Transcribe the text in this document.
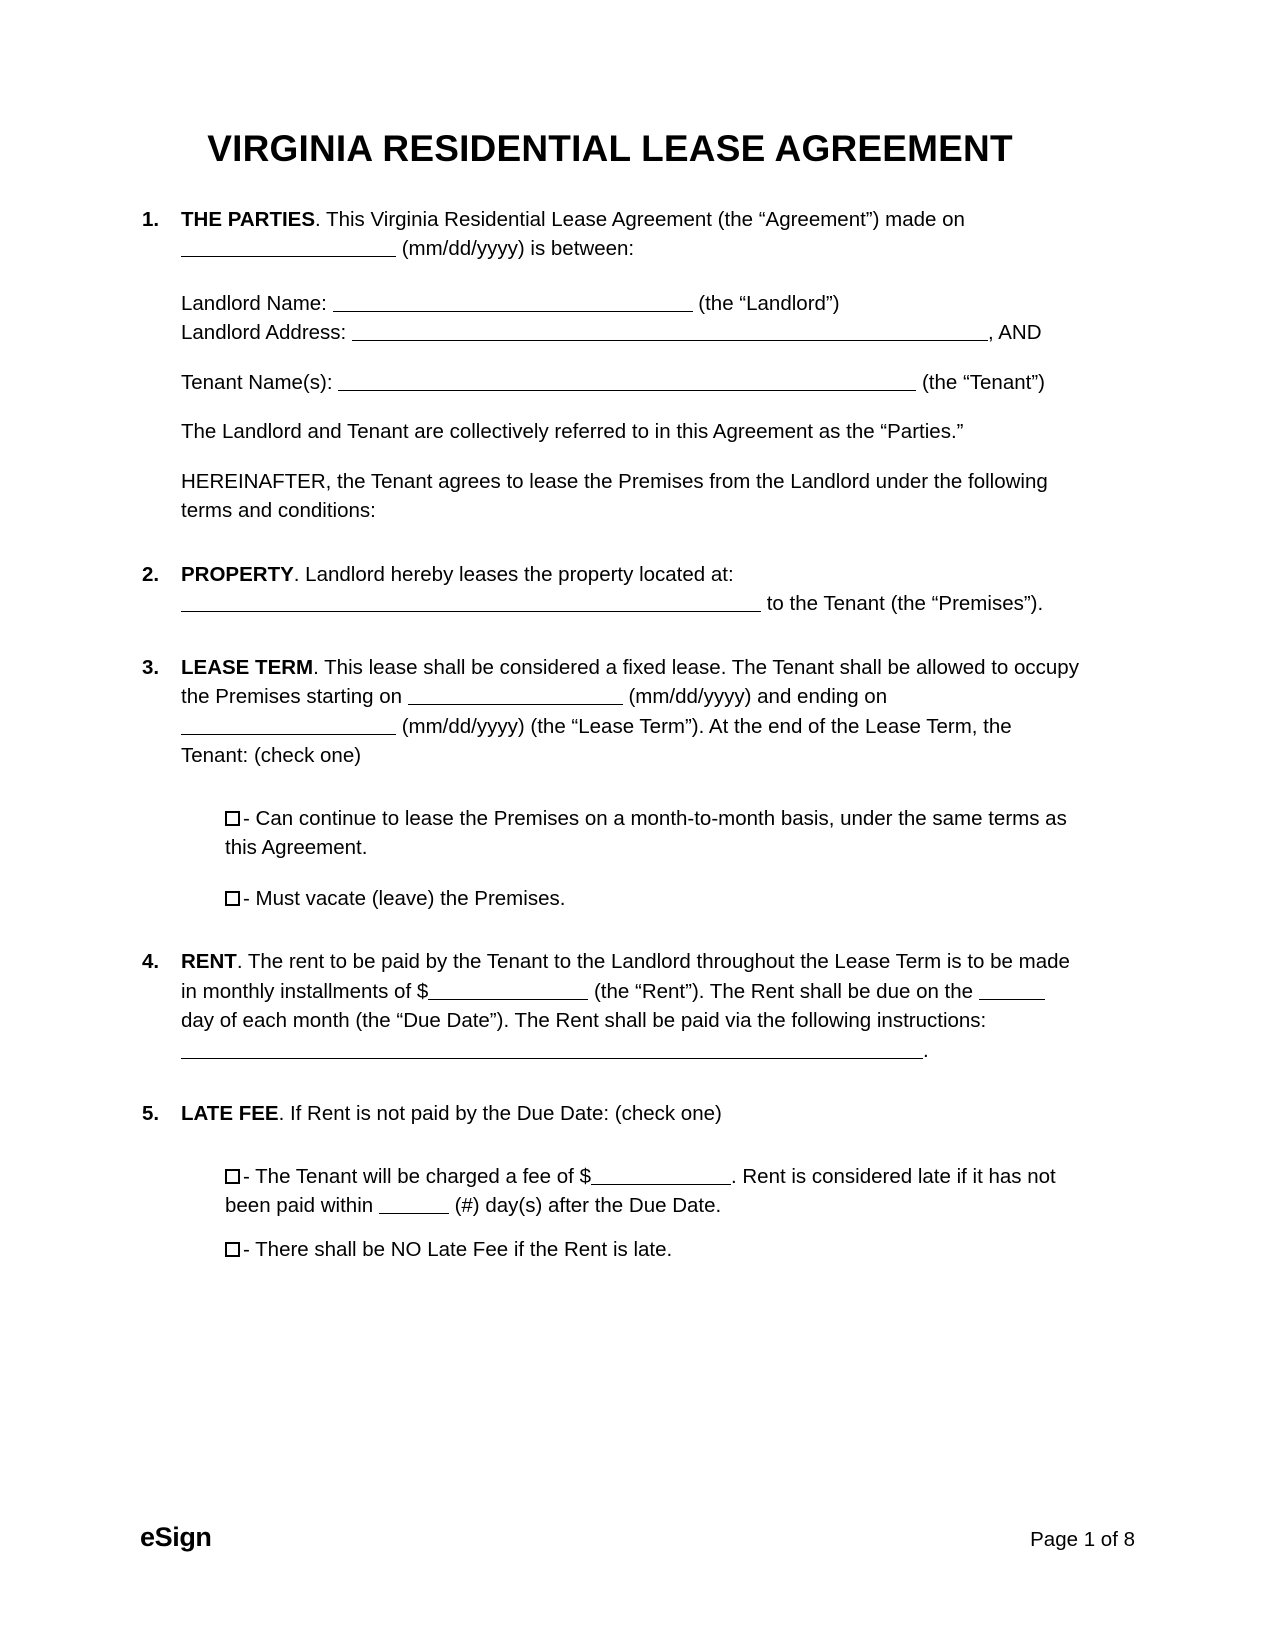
VIRGINIA RESIDENTIAL LEASE AGREEMENT
1.	THE PARTIES. This Virginia Residential Lease Agreement (the “Agreement”) made on

(mm/dd/yyyy) is between:

Landlord Name:	(the “Landlord”)

Landlord Address:	, AND

Tenant Name(s):	(the “Tenant”)

The Landlord and Tenant are collectively referred to in this Agreement as the “Parties.”

HEREINAFTER, the Tenant agrees to lease the Premises from the Landlord under the following terms and conditions:

2.	PROPERTY. Landlord hereby leases the property located at:

to the Tenant (the “Premises”).

3.	LEASE TERM. This lease shall be considered a fixed lease. The Tenant shall be allowed to occupy the Premises starting on	(mm/dd/yyyy) and ending on  (mm/dd/yyyy) (the “Lease Term”). At the end of the Lease Term, the Tenant: (check one)

- Can continue to lease the Premises on a month-to-month basis, under the same terms as this Agreement.
- Must vacate (leave) the Premises.
4.	RENT. The rent to be paid by the Tenant to the Landlord throughout the Lease Term is to be made in monthly installments of $	(the “Rent”). The Rent shall be due on the  day of each month (the “Due Date”). The Rent shall be paid via the following instructions: .

5.	LATE FEE. If Rent is not paid by the Due Date: (check one)

- The Tenant will be charged a fee of $	. Rent is considered late if it has not been paid within	(#) day(s) after the Due Date.
- There shall be NO Late Fee if the Rent is late.
eSign	Page 1 of 8
